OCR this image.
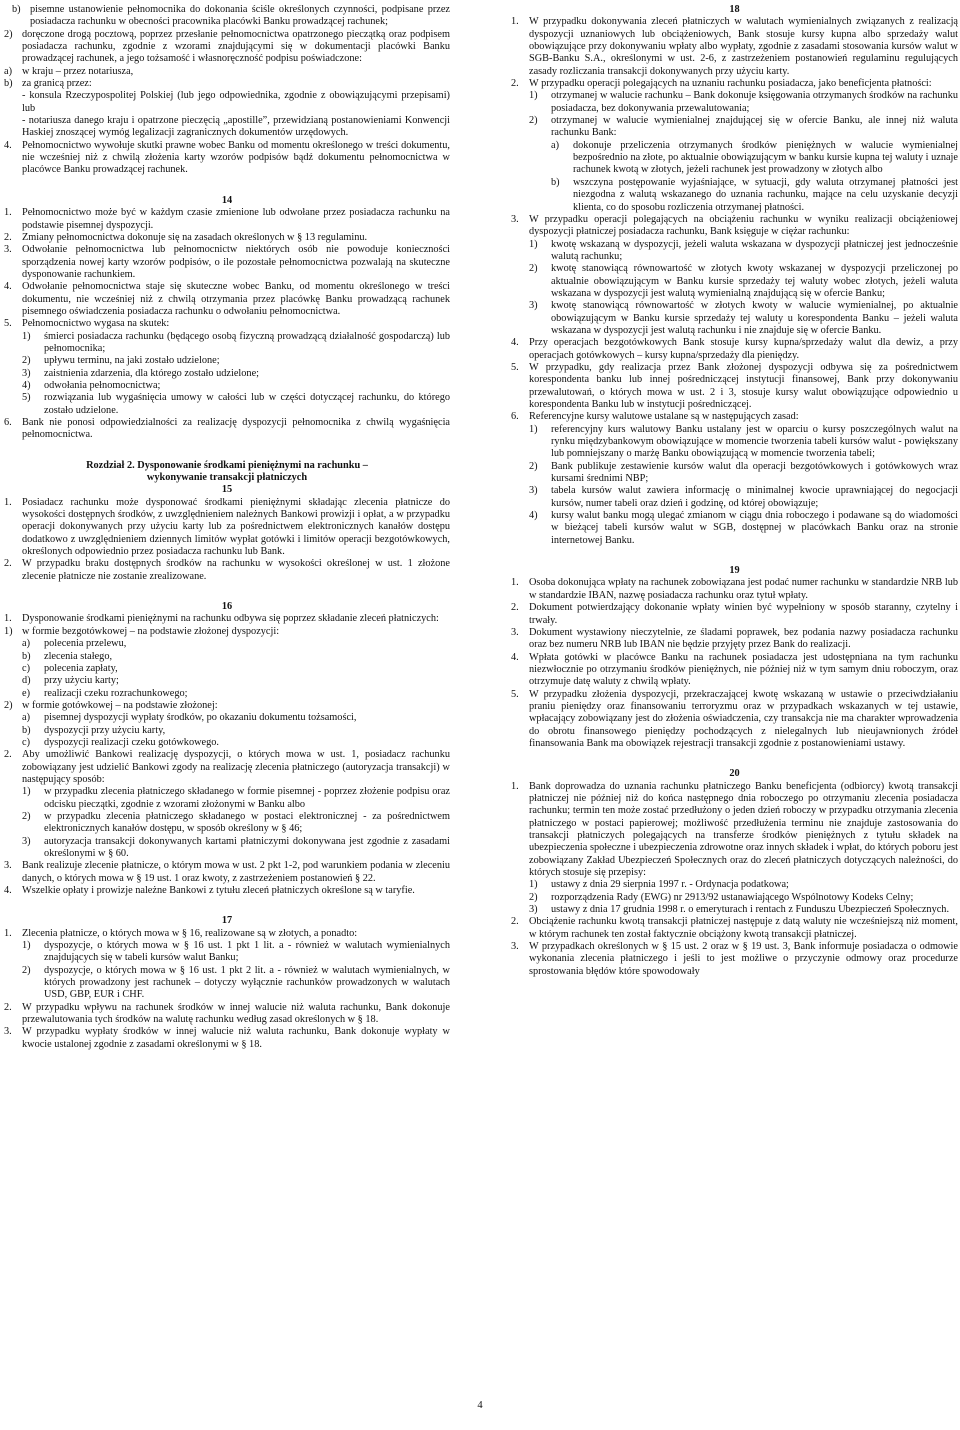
b) pisemne ustanowienie pełnomocnika do dokonania ściśle określonych czynności, podpisane przez posiadacza rachunku w obecności pracownika placówki Banku prowadzącej rachunek;
2) doręczone drogą pocztową, poprzez przesłanie pełnomocnictwa opatrzonego pieczątką oraz podpisem posiadacza rachunku, zgodnie z wzorami znajdującymi się w dokumentacji placówki Banku prowadzącej rachunek, a jego tożsamość i własnoręczność podpisu poświadczone:
a) w kraju – przez notariusza,
b) za granicą przez:
- konsula Rzeczypospolitej Polskiej (lub jego odpowiednika, zgodnie z obowiązującymi przepisami) lub
- notariusza danego kraju i opatrzone pieczęcią „apostille”, przewidzianą postanowieniami Konwencji Haskiej znoszącej wymóg legalizacji zagranicznych dokumentów urzędowych.
4. Pełnomocnictwo wywołuje skutki prawne wobec Banku od momentu określonego w treści dokumentu, nie wcześniej niż z chwilą złożenia karty wzorów podpisów bądź dokumentu pełnomocnictwa w placówce Banku prowadzącej rachunek.
14
1. Pełnomocnictwo może być w każdym czasie zmienione lub odwołane przez posiadacza rachunku na podstawie pisemnej dyspozycji.
2. Zmiany pełnomocnictwa dokonuje się na zasadach określonych w § 13 regulaminu.
3. Odwołanie pełnomocnictwa lub pełnomocnictw niektórych osób nie powoduje konieczności sporządzenia nowej karty wzorów podpisów, o ile pozostałe pełnomocnictwa pozwalają na skuteczne dysponowanie rachunkiem.
4. Odwołanie pełnomocnictwa staje się skuteczne wobec Banku, od momentu określonego w treści dokumentu, nie wcześniej niż z chwilą otrzymania przez placówkę Banku prowadzącą rachunek pisemnego oświadczenia posiadacza rachunku o odwołaniu pełnomocnictwa.
5. Pełnomocnictwo wygasa na skutek:
1) śmierci posiadacza rachunku (będącego osobą fizyczną prowadzącą działalność gospodarczą) lub pełnomocnika;
2) upływu terminu, na jaki zostało udzielone;
3) zaistnienia zdarzenia, dla którego zostało udzielone;
4) odwołania pełnomocnictwa;
5) rozwiązania lub wygaśnięcia umowy w całości lub w części dotyczącej rachunku, do którego zostało udzielone.
6. Bank nie ponosi odpowiedzialności za realizację dyspozycji pełnomocnika z chwilą wygaśnięcia pełnomocnictwa.
Rozdział 2. Dysponowanie środkami pieniężnymi na rachunku –
wykonywanie transakcji płatniczych
15
1. Posiadacz rachunku może dysponować środkami pieniężnymi składając zlecenia płatnicze do wysokości dostępnych środków, z uwzględnieniem należnych Bankowi prowizji i opłat, a w przypadku operacji dokonywanych przy użyciu karty lub za pośrednictwem elektronicznych kanałów dostępu dodatkowo z uwzględnieniem dziennych limitów wypłat gotówki i limitów operacji bezgotówkowych, określonych odpowiednio przez posiadacza rachunku lub Bank.
2. W przypadku braku dostępnych środków na rachunku w wysokości określonej w ust. 1 złożone zlecenie płatnicze nie zostanie zrealizowane.
16
1. Dysponowanie środkami pieniężnymi na rachunku odbywa się poprzez składanie zleceń płatniczych:
1) w formie bezgotówkowej – na podstawie złożonej dyspozycji:
a) polecenia przelewu,
b) zlecenia stałego,
c) polecenia zapłaty,
d) przy użyciu karty;
e) realizacji czeku rozrachunkowego;
2) w formie gotówkowej – na podstawie złożonej:
a) pisemnej dyspozycji wypłaty środków, po okazaniu dokumentu tożsamości,
b) dyspozycji przy użyciu karty,
c) dyspozycji realizacji czeku gotówkowego.
2. Aby umożliwić Bankowi realizację dyspozycji, o których mowa w ust. 1, posiadacz rachunku zobowiązany jest udzielić Bankowi zgody na realizację zlecenia płatniczego (autoryzacja transakcji) w następujący sposób:
1) w przypadku zlecenia płatniczego składanego w formie pisemnej - poprzez złożenie podpisu oraz odcisku pieczątki, zgodnie z wzorami złożonymi w Banku albo
2) w przypadku zlecenia płatniczego składanego w postaci elektronicznej - za pośrednictwem elektronicznych kanałów dostępu, w sposób określony w § 46;
3) autoryzacja transakcji dokonywanych kartami płatniczymi dokonywana jest zgodnie z zasadami określonymi w § 60.
3. Bank realizuje zlecenie płatnicze, o którym mowa w ust. 2 pkt 1-2, pod warunkiem podania w zleceniu danych, o których mowa w § 19 ust. 1 oraz kwoty, z zastrzeżeniem postanowień § 22.
4. Wszelkie opłaty i prowizje należne Bankowi z tytułu zleceń płatniczych określone są w taryfie.
17
1. Zlecenia płatnicze, o których mowa w § 16, realizowane są w złotych, a ponadto:
1) dyspozycje, o których mowa w § 16 ust. 1 pkt 1 lit. a - również w walutach wymienialnych znajdujących się w tabeli kursów walut Banku;
2) dyspozycje, o których mowa w § 16 ust. 1 pkt 2 lit. a - również w walutach wymienialnych, w których prowadzony jest rachunek – dotyczy wyłącznie rachunków prowadzonych w walutach USD, GBP, EUR i CHF.
2. W przypadku wpływu na rachunek środków w innej walucie niż waluta rachunku, Bank dokonuje przewalutowania tych środków na walutę rachunku według zasad określonych w § 18.
3. W przypadku wypłaty środków w innej walucie niż waluta rachunku, Bank dokonuje wypłaty w kwocie ustalonej zgodnie z zasadami określonymi w § 18.
18
1. W przypadku dokonywania zleceń płatniczych w walutach wymienialnych związanych z realizacją dyspozycji uznaniowych lub obciążeniowych, Bank stosuje kursy kupna albo sprzedaży walut obowiązujące przy dokonywaniu wpłaty albo wypłaty, zgodnie z zasadami stosowania kursów walut w SGB-Banku S.A., określonymi w ust. 2-6, z zastrzeżeniem postanowień regulaminu regulujących zasady rozliczania transakcji dokonywanych przy użyciu karty.
2. W przypadku operacji polegających na uznaniu rachunku posiadacza, jako beneficjenta płatności:
1) otrzymanej w walucie rachunku – Bank dokonuje księgowania otrzymanych środków na rachunku posiadacza, bez dokonywania przewalutowania;
2) otrzymanej w walucie wymienialnej znajdującej się w ofercie Banku, ale innej niż waluta rachunku Bank:
a) dokonuje przeliczenia otrzymanych środków pieniężnych w walucie wymienialnej bezpośrednio na złote, po aktualnie obowiązującym w banku kursie kupna tej waluty i uznaje rachunek kwotą w złotych, jeżeli rachunek jest prowadzony w złotych albo
b) wszczyna postępowanie wyjaśniające, w sytuacji, gdy waluta otrzymanej płatności jest niezgodna z walutą wskazanego do uznania rachunku, mające na celu uzyskanie decyzji klienta, co do sposobu rozliczenia otrzymanej płatności.
3. W przypadku operacji polegających na obciążeniu rachunku w wyniku realizacji obciążeniowej dyspozycji płatniczej posiadacza rachunku, Bank księguje w ciężar rachunku:
1) kwotę wskazaną w dyspozycji, jeżeli waluta wskazana w dyspozycji płatniczej jest jednocześnie walutą rachunku;
2) kwotę stanowiącą równowartość w złotych kwoty wskazanej w dyspozycji przeliczonej po aktualnie obowiązującym w Banku kursie sprzedaży tej waluty wobec złotych, jeżeli waluta wskazana w dyspozycji jest walutą wymienialną znajdującą się w ofercie Banku;
3) kwotę stanowiącą równowartość w złotych kwoty w walucie wymienialnej, po aktualnie obowiązującym w Banku kursie sprzedaży tej waluty u korespondenta Banku – jeżeli waluta wskazana w dyspozycji jest walutą rachunku i nie znajduje się w ofercie Banku.
4. Przy operacjach bezgotówkowych Bank stosuje kursy kupna/sprzedaży walut dla dewiz, a przy operacjach gotówkowych – kursy kupna/sprzedaży dla pieniędzy.
5. W przypadku, gdy realizacja przez Bank złożonej dyspozycji odbywa się za pośrednictwem korespondenta banku lub innej pośredniczącej instytucji finansowej, Bank przy dokonywaniu przewalutowań, o których mowa w ust. 2 i 3, stosuje kursy walut obowiązujące odpowiednio u korespondenta Banku lub w instytucji pośredniczącej.
6. Referencyjne kursy walutowe ustalane są w następujących zasad:
1) referencyjny kurs walutowy Banku ustalany jest w oparciu o kursy poszczególnych walut na rynku międzybankowym obowiązujące w momencie tworzenia tabeli kursów walut - powiększany lub pomniejszany o marżę Banku obowiązującą w momencie tworzenia tabeli;
2) Bank publikuje zestawienie kursów walut dla operacji bezgotówkowych i gotówkowych wraz kursami średnimi NBP;
3) tabela kursów walut zawiera informację o minimalnej kwocie uprawniającej do negocjacji kursów, numer tabeli oraz dzień i godzinę, od której obowiązuje;
4) kursy walut banku mogą ulegać zmianom w ciągu dnia roboczego i podawane są do wiadomości w bieżącej tabeli kursów walut w SGB, dostępnej w placówkach Banku oraz na stronie internetowej Banku.
19
1. Osoba dokonująca wpłaty na rachunek zobowiązana jest podać numer rachunku w standardzie NRB lub w standardzie IBAN, nazwę posiadacza rachunku oraz tytuł wpłaty.
2. Dokument potwierdzający dokonanie wpłaty winien być wypełniony w sposób staranny, czytelny i trwały.
3. Dokument wystawiony nieczytelnie, ze śladami poprawek, bez podania nazwy posiadacza rachunku oraz bez numeru NRB lub IBAN nie będzie przyjęty przez Bank do realizacji.
4. Wpłata gotówki w placówce Banku na rachunek posiadacza jest udostępniana na tym rachunku niezwłocznie po otrzymaniu środków pieniężnych, nie później niż w tym samym dniu roboczym, oraz otrzymuje datę waluty z chwilą wpłaty.
5. W przypadku złożenia dyspozycji, przekraczającej kwotę wskazaną w ustawie o przeciwdziałaniu praniu pieniędzy oraz finansowaniu terroryzmu oraz w przypadkach wskazanych w tej ustawie, wpłacający zobowiązany jest do złożenia oświadczenia, czy transakcja nie ma charakter wprowadzenia do obrotu finansowego pieniędzy pochodzących z nielegalnych lub nieujawnionych źródeł finansowania Bank ma obowiązek rejestracji transakcji zgodnie z postanowieniami ustawy.
20
1. Bank doprowadza do uznania rachunku płatniczego Banku beneficjenta (odbiorcy) kwotą transakcji płatniczej nie później niż do końca następnego dnia roboczego po otrzymaniu zlecenia posiadacza rachunku; termin ten może zostać przedłużony o jeden dzień roboczy w przypadku otrzymania zlecenia płatniczego w postaci papierowej; możliwość przedłużenia terminu nie znajduje zastosowania do transakcji płatniczych polegających na transferze środków pieniężnych z tytułu składek na ubezpieczenia społeczne i ubezpieczenia zdrowotne oraz innych składek i wpłat, do których poboru jest zobowiązany Zakład Ubezpieczeń Społecznych oraz do zleceń płatniczych dotyczących należności, do których stosuje się przepisy:
1) ustawy z dnia 29 sierpnia 1997 r. - Ordynacja podatkowa;
2) rozporządzenia Rady (EWG) nr 2913/92 ustanawiającego Wspólnotowy Kodeks Celny;
3) ustawy z dnia 17 grudnia 1998 r. o emeryturach i rentach z Funduszu Ubezpieczeń Społecznych.
2. Obciążenie rachunku kwotą transakcji płatniczej następuje z datą waluty nie wcześniejszą niż moment, w którym rachunek ten został faktycznie obciążony kwotą transakcji płatniczej.
3. W przypadkach określonych w § 15 ust. 2 oraz w § 19 ust. 3, Bank informuje posiadacza o odmowie wykonania zlecenia płatniczego i jeśli to jest możliwe o przyczynie odmowy oraz procedurze sprostowania błędów które spowodowały
4
